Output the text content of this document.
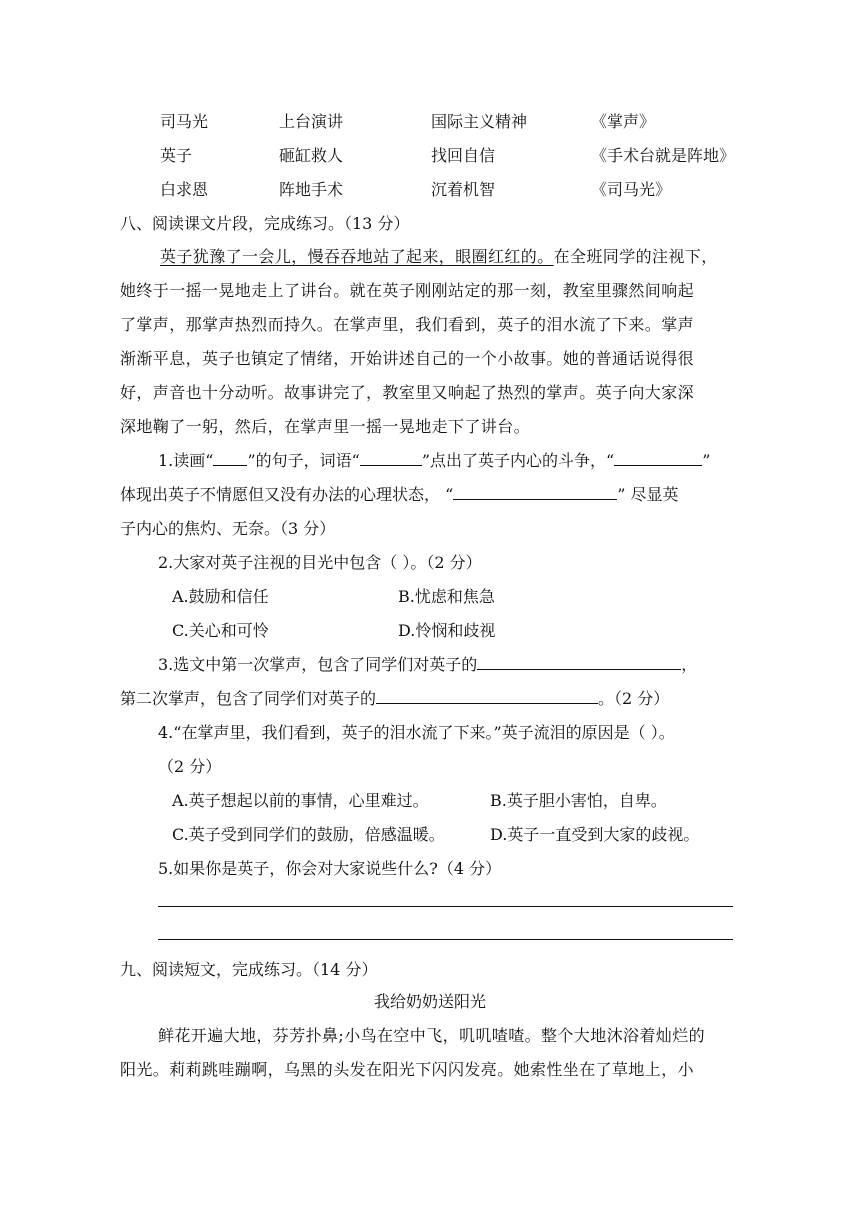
司马光	上台演讲	国际主义精神	《掌声》
英子	砸缸救人	找回自信	《手术台就是阵地》
白求恩	阵地手术	沉着机智	《司马光》
八、阅读课文片段，完成练习。（13 分）
英子犹豫了一会儿，慢吞吞地站了起来，眼圈红红的。在全班同学的注视下，
她终于一摇一晃地走上了讲台。就在英子刚刚站定的那一刻，教室里骤然间响起
了掌声，那掌声热烈而持久。在掌声里，我们看到，英子的泪水流了下来。掌声
渐渐平息，英子也镇定了情绪，开始讲述自己的一个小故事。她的普通话说得很
好，声音也十分动听。故事讲完了，教室里又响起了热烈的掌声。英子向大家深
深地鞠了一躬，然后，在掌声里一摇一晃地走下了讲台。
1.读画“ ”的句子，词语“	”点出了英子内心的斗争，“	”
体现出英子不情愿但又没有办法的心理状态， “	” 尽显英
子内心的焦灼、无奈。（3 分）
2.大家对英子注视的目光中包含（ ）。（2 分）
A.鼓励和信任	B.忧虑和焦急
C.关心和可怜	D.怜悯和歧视
3.选文中第一次掌声，包含了同学们对英子的	，
第二次掌声，包含了同学们对英子的	。（2 分）
4.“在掌声里，我们看到，英子的泪水流了下来。”英子流泪的原因是（ ）。
（2 分）
A.英子想起以前的事情，心里难过。	B.英子胆小害怕，自卑。
C.英子受到同学们的鼓励，倍感温暖。	D.英子一直受到大家的歧视。
5.如果你是英子，你会对大家说些什么?（4 分）
九、阅读短文，完成练习。（14 分）
我给奶奶送阳光
鲜花开遍大地，芬芳扑鼻;小鸟在空中飞，叽叽喳喳。整个大地沐浴着灿烂的
阳光。莉莉跳哇蹦啊，乌黑的头发在阳光下闪闪发亮。她索性坐在了草地上，小
